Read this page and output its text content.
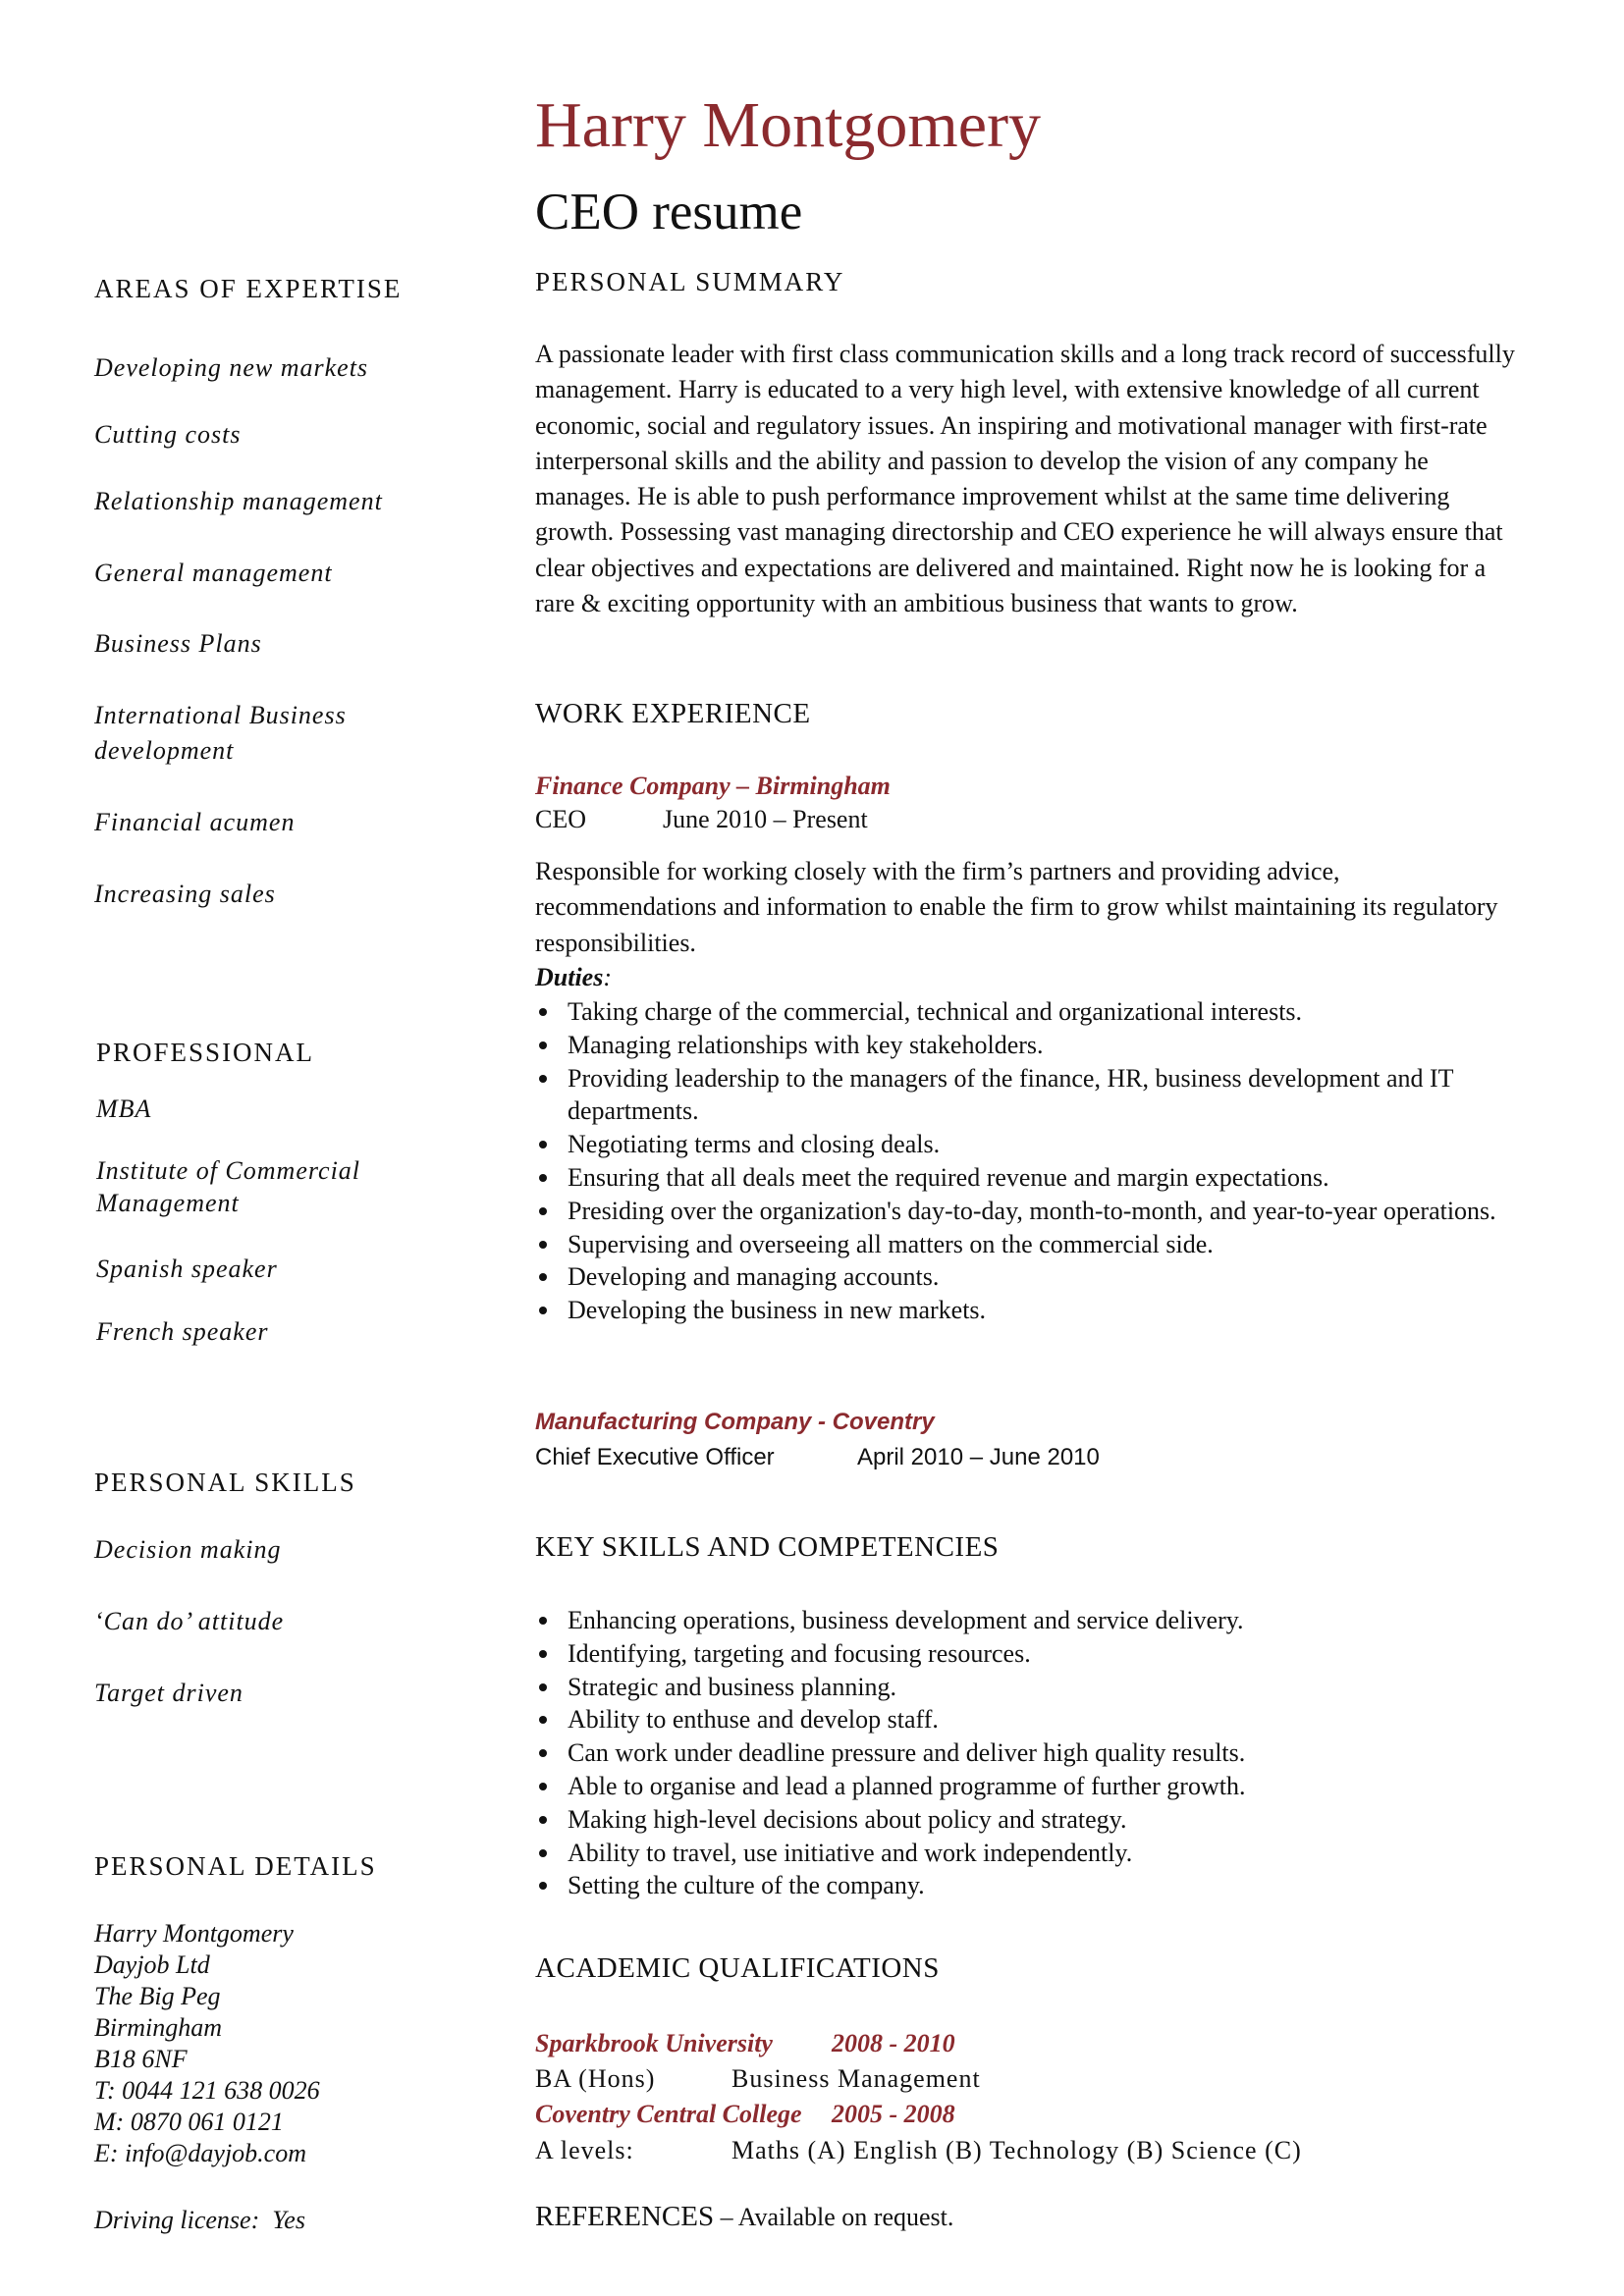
Harry Montgomery
CEO resume
AREAS OF EXPERTISE
Developing new markets
Cutting costs
Relationship management
General management
Business Plans
International Business development
Financial acumen
Increasing sales
PROFESSIONAL
MBA
Institute of Commercial Management
Spanish speaker
French speaker
PERSONAL SKILLS
Decision making
‘Can do’ attitude
Target driven
PERSONAL DETAILS
Harry Montgomery
Dayjob Ltd
The Big Peg
Birmingham
B18 6NF
T: 0044 121 638 0026
M: 0870 061 0121
E: info@dayjob.com
Driving license:  Yes
PERSONAL SUMMARY
A passionate leader with first class communication skills and a long track record of successfully management. Harry is educated to a very high level, with extensive knowledge of all current economic, social and regulatory issues. An inspiring and motivational manager with first-rate interpersonal skills and the ability and passion to develop the vision of any company he manages. He is able to push performance improvement whilst at the same time delivering growth. Possessing vast managing directorship and CEO experience he will always ensure that clear objectives and expectations are delivered and maintained. Right now he is looking for a rare & exciting opportunity with an ambitious business that wants to grow.
WORK EXPERIENCE
Finance Company – Birmingham
CEO	June 2010 – Present
Responsible for working closely with the firm’s partners and providing advice, recommendations and information to enable the firm to grow whilst maintaining its regulatory responsibilities.
Duties:
Taking charge of the commercial, technical and organizational interests.
Managing relationships with key stakeholders.
Providing leadership to the managers of the finance, HR, business development and IT departments.
Negotiating terms and closing deals.
Ensuring that all deals meet the required revenue and margin expectations.
Presiding over the organization's day-to-day, month-to-month, and year-to-year operations.
Supervising and overseeing all matters on the commercial side.
Developing and managing accounts.
Developing the business in new markets.
Manufacturing Company - Coventry
Chief Executive Officer	April 2010 – June 2010
KEY SKILLS AND COMPETENCIES
Enhancing operations, business development and service delivery.
Identifying, targeting and focusing resources.
Strategic and business planning.
Ability to enthuse and develop staff.
Can work under deadline pressure and deliver high quality results.
Able to organise and lead a planned programme of further growth.
Making high-level decisions about policy and strategy.
Ability to travel, use initiative and work independently.
Setting the culture of the company.
ACADEMIC QUALIFICATIONS
Sparkbrook University 2008 - 2010
BA (Hons)	Business Management
Coventry Central College 2005 - 2008
A levels:	Maths (A) English (B) Technology (B) Science (C)
REFERENCES – Available on request.
